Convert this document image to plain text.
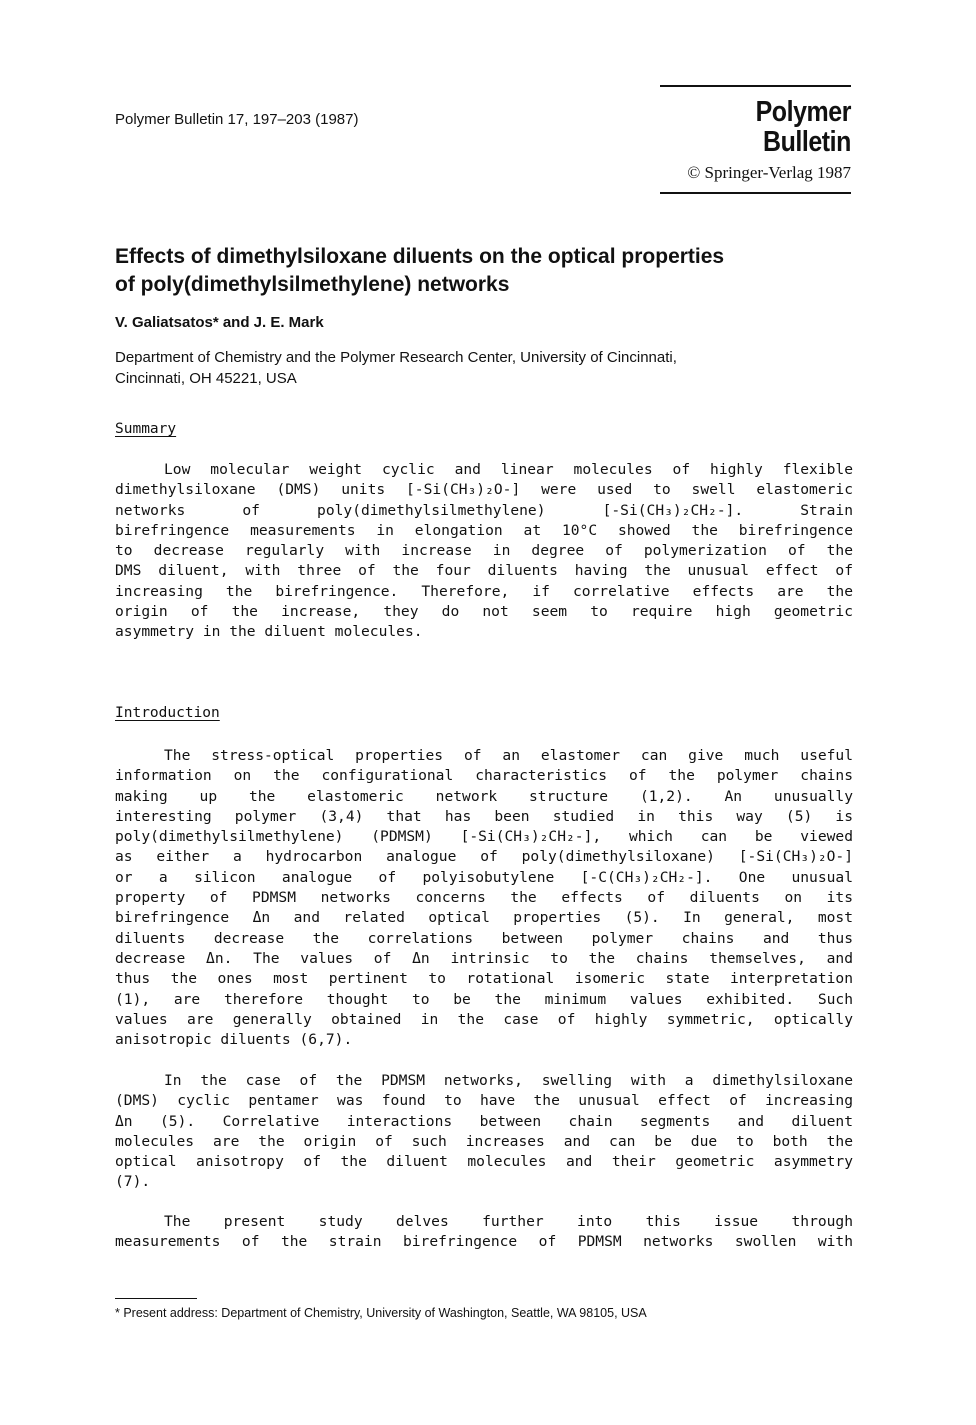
Polymer Bulletin 17, 197–203 (1987)	Polymer Bulletin
© Springer-Verlag 1987
Effects of dimethylsiloxane diluents on the optical properties
of poly(dimethylsilmethylene) networks
V. Galiatsatos* and J. E. Mark
Department of Chemistry and the Polymer Research Center, University of Cincinnati,
Cincinnati, OH 45221, USA
Summary
Low molecular weight cyclic and linear molecules of highly flexible
dimethylsiloxane (DMS) units [-Si(CH₃)₂O-] were used to swell elastomeric
networks of poly(dimethylsilmethylene) [-Si(CH₃)₂CH₂-]. Strain
birefringence measurements in elongation at 10°C showed the birefringence
to decrease regularly with increase in degree of polymerization of the
DMS diluent, with three of the four diluents having the unusual effect of
increasing the birefringence. Therefore, if correlative effects are the
origin of the increase, they do not seem to require high geometric
asymmetry in the diluent molecules.
Introduction
The stress-optical properties of an elastomer can give much useful
information on the configurational characteristics of the polymer chains
making up the elastomeric network structure (1,2). An unusually
interesting polymer (3,4) that has been studied in this way (5) is
poly(dimethylsilmethylene) (PDMSM) [-Si(CH₃)₂CH₂-], which can be viewed
as either a hydrocarbon analogue of poly(dimethylsiloxane) [-Si(CH₃)₂O-]
or a silicon analogue of polyisobutylene [-C(CH₃)₂CH₂-]. One unusual
property of PDMSM networks concerns the effects of diluents on its
birefringence Δn and related optical properties (5). In general, most
diluents decrease the correlations between polymer chains and thus
decrease Δn. The values of Δn intrinsic to the chains themselves, and
thus the ones most pertinent to rotational isomeric state interpretation
(1), are therefore thought to be the minimum values exhibited. Such
values are generally obtained in the case of highly symmetric, optically
anisotropic diluents (6,7).
In the case of the PDMSM networks, swelling with a dimethylsiloxane
(DMS) cyclic pentamer was found to have the unusual effect of increasing
Δn (5). Correlative interactions between chain segments and diluent
molecules are the origin of such increases and can be due to both the
optical anisotropy of the diluent molecules and their geometric asymmetry
(7).
The present study delves further into this issue through
measurements of the strain birefringence of PDMSM networks swollen with
* Present address: Department of Chemistry, University of Washington, Seattle, WA 98105, USA
